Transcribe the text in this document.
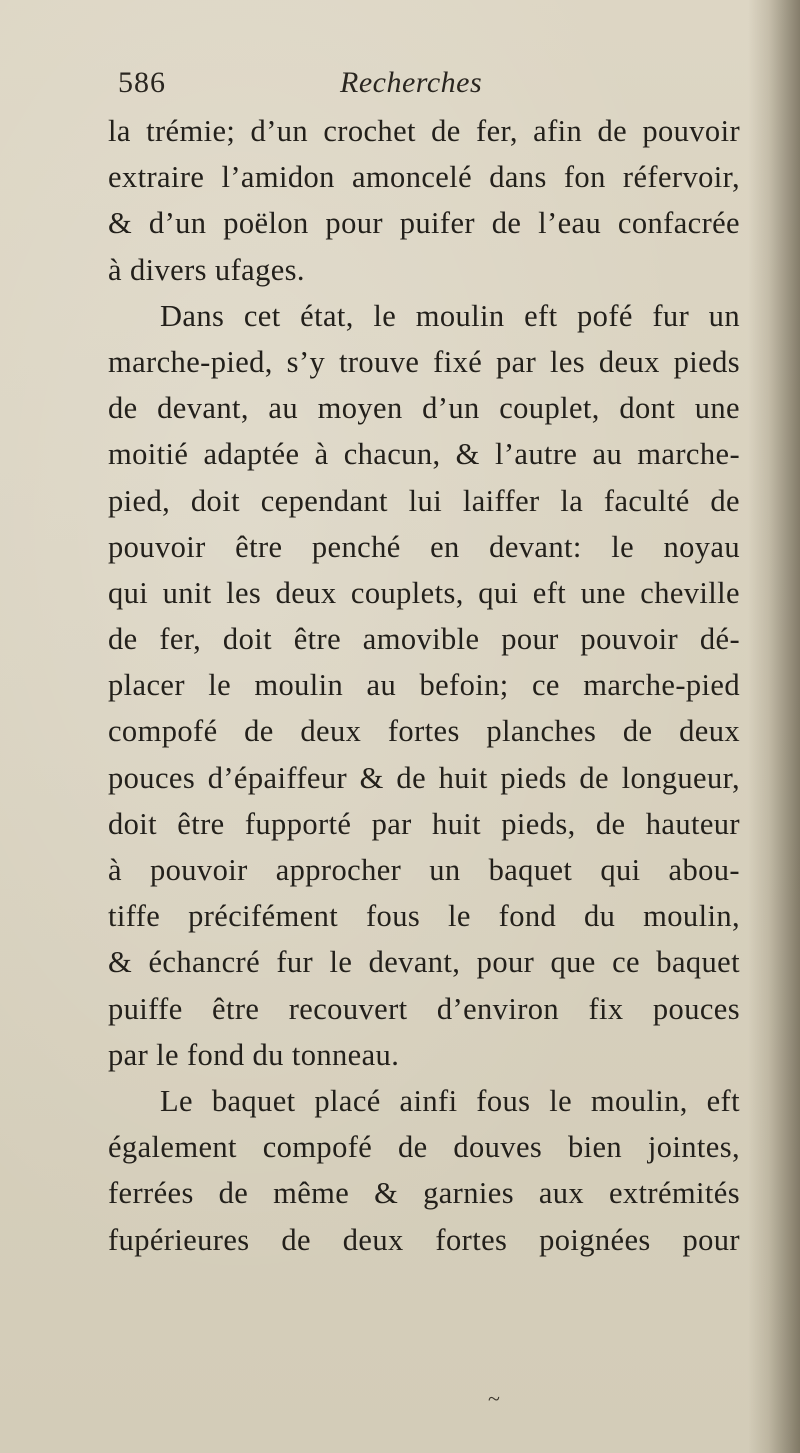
586	Recherches
la trémie; d’un crochet de fer, afin de pouvoir
extraire l’amidon amoncelé dans fon réfervoir,
& d’un poëlon pour puifer de l’eau confacrée
à divers ufages.
Dans cet état, le moulin eft pofé fur un
marche-pied, s’y trouve fixé par les deux pieds
de devant, au moyen d’un couplet, dont une
moitié adaptée à chacun, & l’autre au marche-
pied, doit cependant lui laiffer la faculté de
pouvoir être penché en devant: le noyau
qui unit les deux couplets, qui eft une cheville
de fer, doit être amovible pour pouvoir dé-
placer le moulin au befoin; ce marche-pied
compofé de deux fortes planches de deux
pouces d’épaiffeur & de huit pieds de longueur,
doit être fupporté par huit pieds, de hauteur
à pouvoir approcher un baquet qui abou-
tiffe précifément fous le fond du moulin,
& échancré fur le devant, pour que ce baquet
puiffe être recouvert d’environ fix pouces
par le fond du tonneau.
Le baquet placé ainfi fous le moulin, eft
également compofé de douves bien jointes,
ferrées de même & garnies aux extrémités
fupérieures de deux fortes poignées pour
~
